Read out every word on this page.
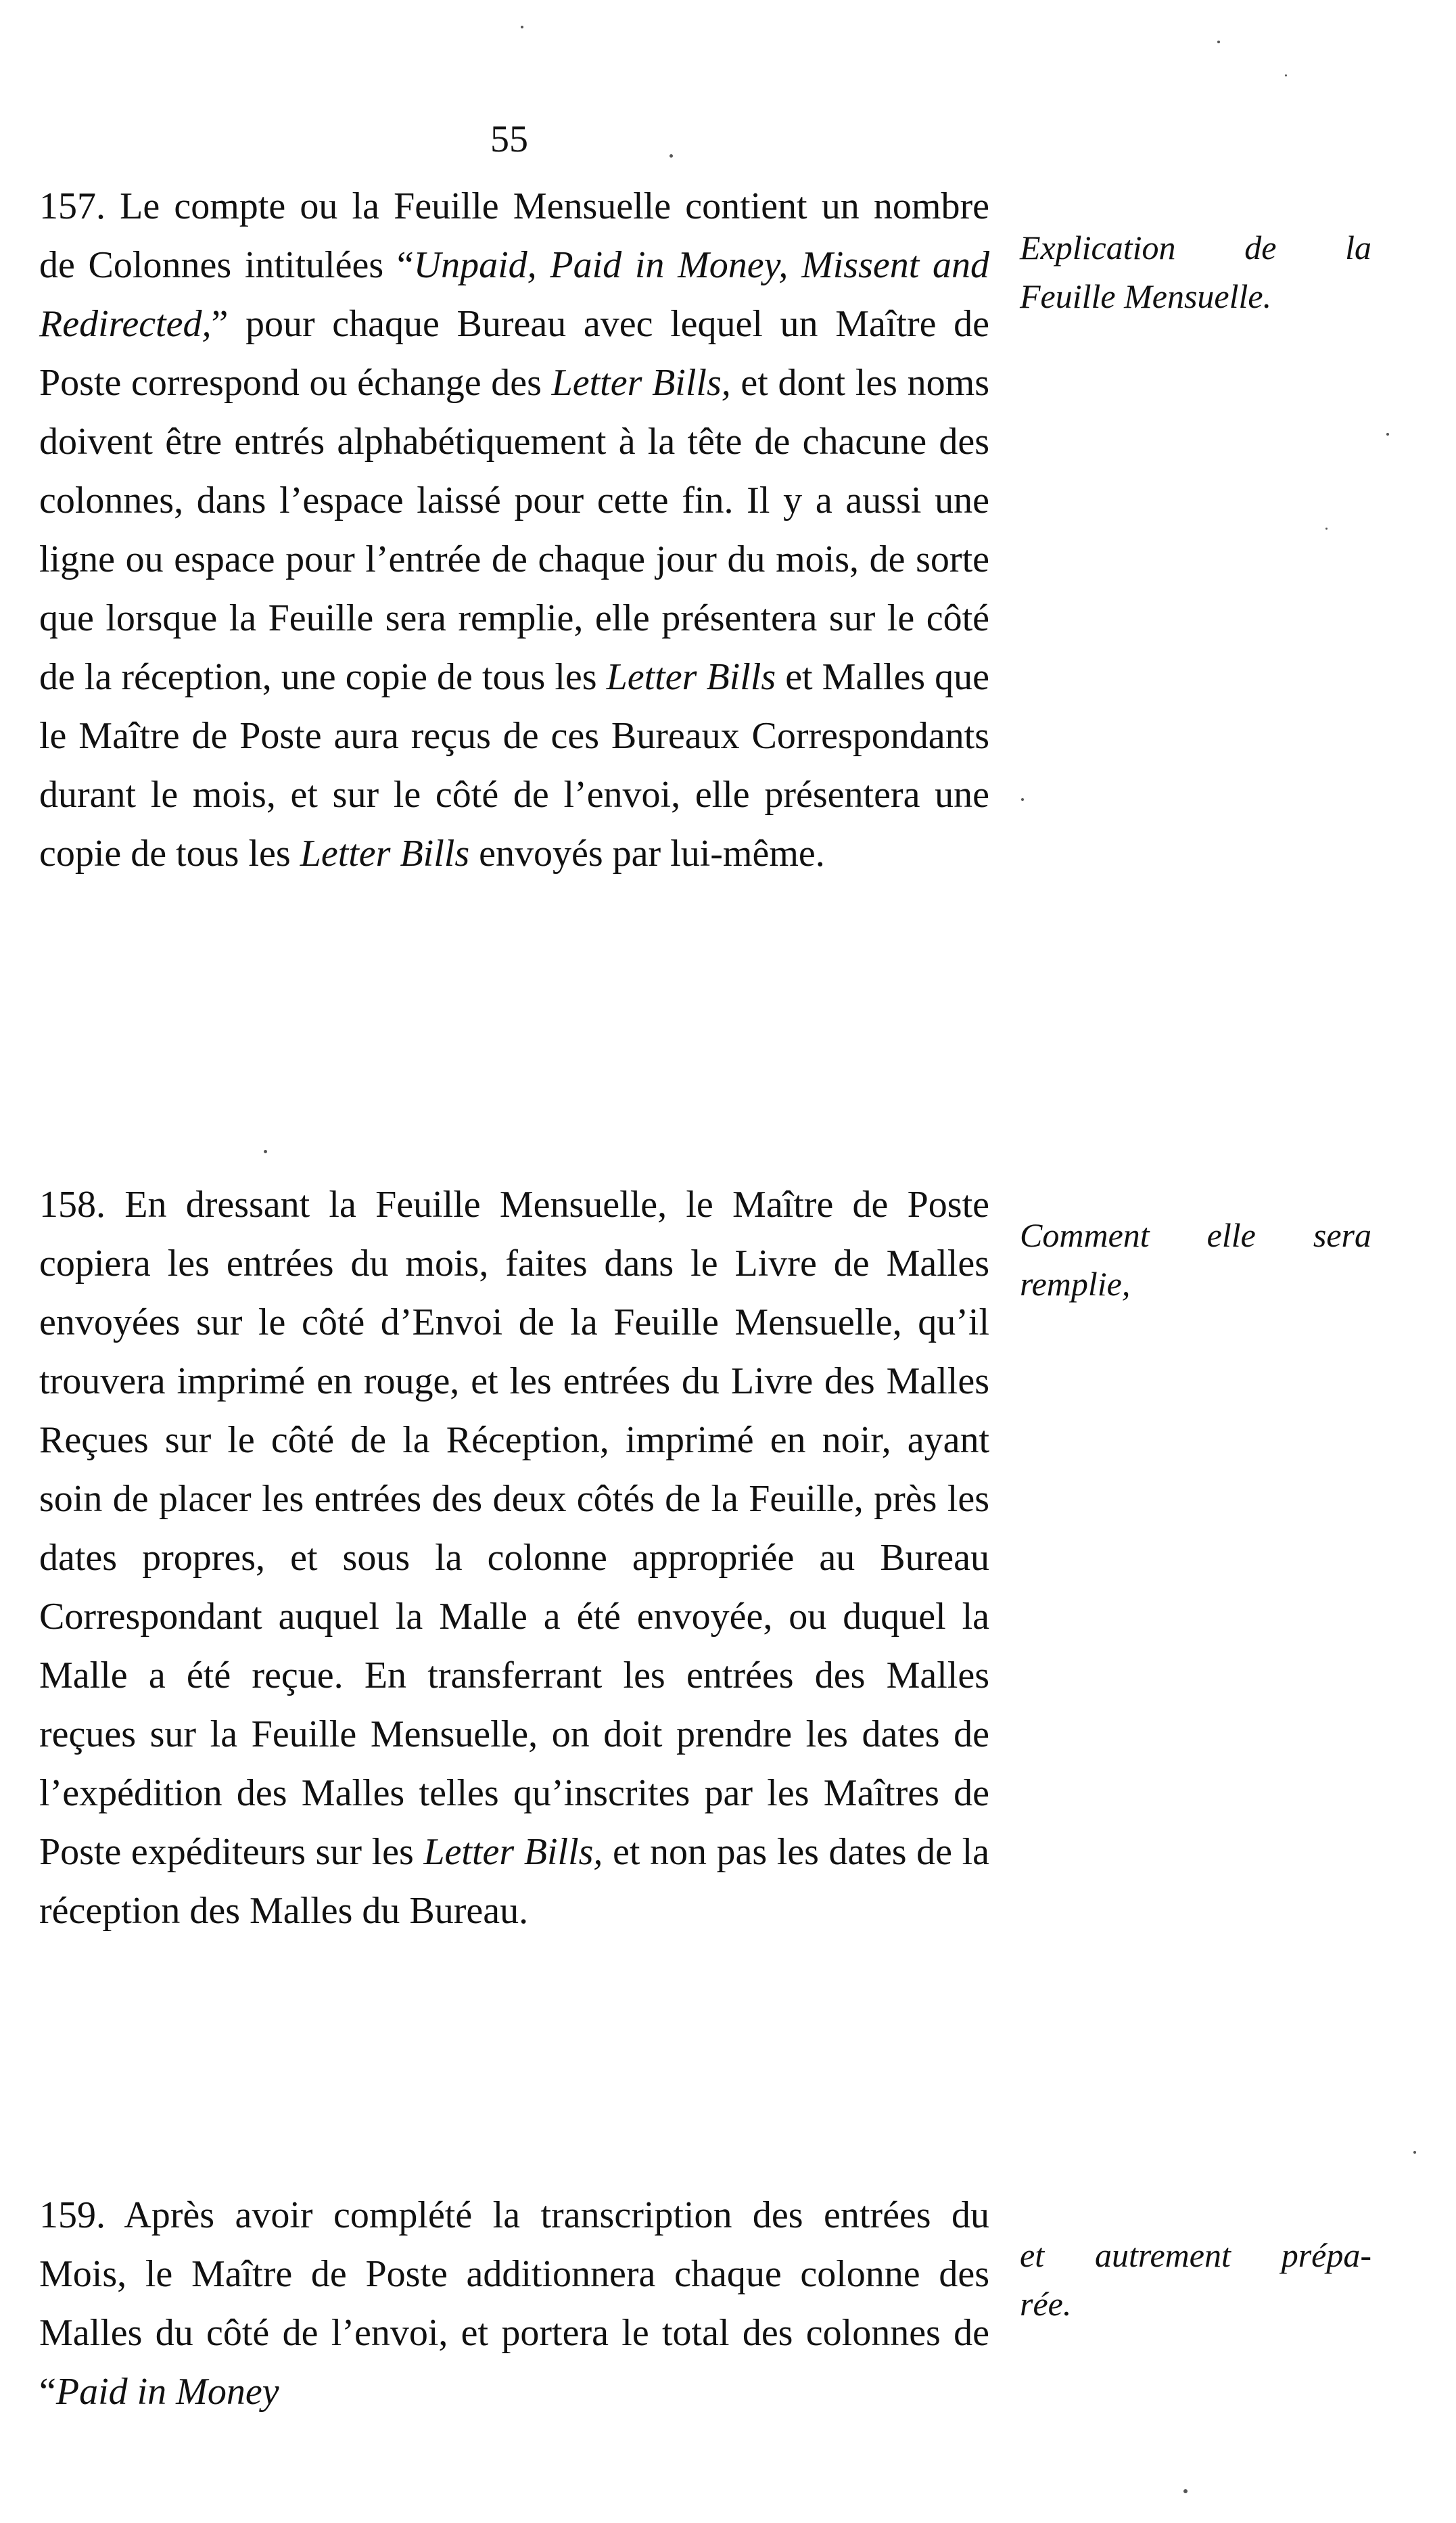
55
157. Le compte ou la Feuille Mensuelle contient un nombre de Colonnes intitulées “Unpaid, Paid in Money, Missent and Redirected,” pour chaque Bureau avec lequel un Maître de Poste correspond ou échange des Letter Bills, et dont les noms doivent être entrés alphabétiquement à la tête de chacune des colonnes, dans l’espace laissé pour cette fin. Il y a aussi une ligne ou espace pour l’entrée de chaque jour du mois, de sorte que lorsque la Feuille sera remplie, elle présentera sur le côté de la réception, une copie de tous les Letter Bills et Malles que le Maître de Poste aura reçus de ces Bureaux Correspondants durant le mois, et sur le côté de l’envoi, elle présentera une copie de tous les Letter Bills envoyés par lui-même.
158. En dressant la Feuille Mensuelle, le Maître de Poste copiera les entrées du mois, faites dans le Livre de Malles envoyées sur le côté d’Envoi de la Feuille Mensuelle, qu’il trouvera imprimé en rouge, et les entrées du Livre des Malles Reçues sur le côté de la Réception, imprimé en noir, ayant soin de placer les entrées des deux côtés de la Feuille, près les dates propres, et sous la colonne appropriée au Bureau Correspondant auquel la Malle a été envoyée, ou duquel la Malle a été reçue. En transferrant les entrées des Malles reçues sur la Feuille Mensuelle, on doit prendre les dates de l’expédition des Malles telles qu’inscrites par les Maîtres de Poste expéditeurs sur les Letter Bills, et non pas les dates de la réception des Malles du Bureau.
159. Après avoir complété la transcription des entrées du Mois, le Maître de Poste additionnera chaque colonne des Malles du côté de l’envoi, et portera le total des colonnes de “Paid in Money
Explication de la
Feuille Mensuelle.
Comment elle sera
remplie,
et autrement prépa-
rée.
